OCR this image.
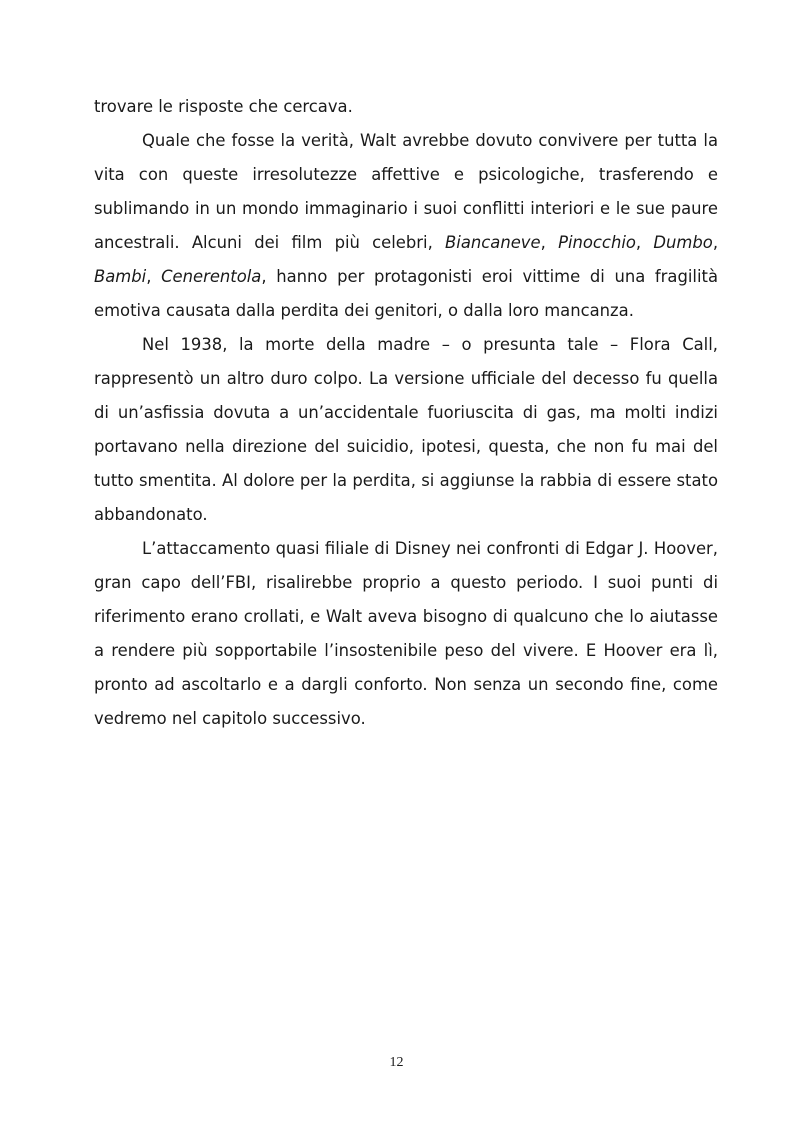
trovare le risposte che cercava.

Quale che fosse la verità, Walt avrebbe dovuto convivere per tutta la vita con queste irresolutezze affettive e psicologiche, trasferendo e sublimando in un mondo immaginario i suoi conflitti interiori e le sue paure ancestrali. Alcuni dei film più celebri, Biancaneve, Pinocchio, Dumbo, Bambi, Cenerentola, hanno per protagonisti eroi vittime di una fragilità emotiva causata dalla perdita dei genitori, o dalla loro mancanza.

Nel 1938, la morte della madre – o presunta tale – Flora Call, rappresentò un altro duro colpo. La versione ufficiale del decesso fu quella di un’asfissia dovuta a un’accidentale fuoriuscita di gas, ma molti indizi portavano nella direzione del suicidio, ipotesi, questa, che non fu mai del tutto smentita. Al dolore per la perdita, si aggiunse la rabbia di essere stato abbandonato.

L’attaccamento quasi filiale di Disney nei confronti di Edgar J. Hoover, gran capo dell’FBI, risalirebbe proprio a questo periodo. I suoi punti di riferimento erano crollati, e Walt aveva bisogno di qualcuno che lo aiutasse a rendere più sopportabile l’insostenibile peso del vivere. E Hoover era lì, pronto ad ascoltarlo e a dargli conforto. Non senza un secondo fine, come vedremo nel capitolo successivo.

12
